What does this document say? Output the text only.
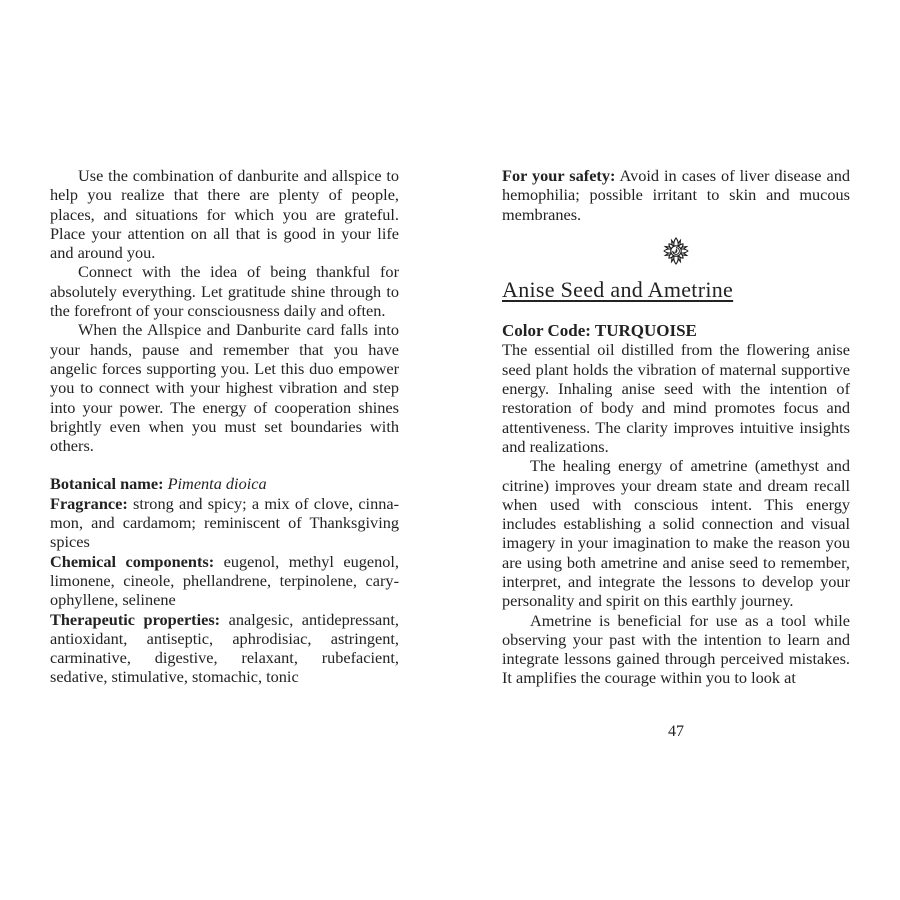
Use the combination of danburite and allspice to help you realize that there are plenty of people, places, and situations for which you are grateful. Place your attention on all that is good in your life and around you.

Connect with the idea of being thankful for absolutely everything. Let gratitude shine through to the forefront of your consciousness daily and often.

When the Allspice and Danburite card falls into your hands, pause and remember that you have angelic forces supporting you. Let this duo empower you to connect with your highest vibration and step into your power. The energy of cooperation shines brightly even when you must set boundaries with others.

Botanical name: Pimenta dioica

Fragrance: strong and spicy; a mix of clove, cinnamon, and cardamom; reminiscent of Thanksgiving spices

Chemical components: eugenol, methyl eugenol, limonene, cineole, phellandrene, terpinolene, caryophyllene, selinene

Therapeutic properties: analgesic, antidepressant, antioxidant, antiseptic, aphrodisiac, astringent, carminative, digestive, relaxant, rubefacient, sedative, stimulative, stomachic, tonic

For your safety: Avoid in cases of liver disease and hemophilia; possible irritant to skin and mucous membranes.

Anise Seed and Ametrine

Color Code: TURQUOISE

The essential oil distilled from the flowering anise seed plant holds the vibration of maternal supportive energy. Inhaling anise seed with the intention of restoration of body and mind promotes focus and attentiveness. The clarity improves intuitive insights and realizations.

The healing energy of ametrine (amethyst and citrine) improves your dream state and dream recall when used with conscious intent. This energy includes establishing a solid connection and visual imagery in your imagination to make the reason you are using both ametrine and anise seed to remember, interpret, and integrate the lessons to develop your personality and spirit on this earthly journey.

Ametrine is beneficial for use as a tool while observing your past with the intention to learn and integrate lessons gained through perceived mistakes. It amplifies the courage within you to look at

47
